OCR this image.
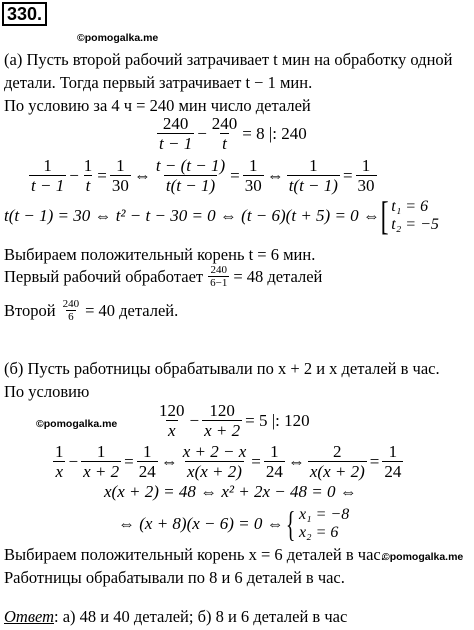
330.
©pomogalka.me
(а) Пусть второй рабочий затрачивает t мин на обработку одной
детали. Тогда первый затрачивает t − 1 мин.
По условию за 4 ч = 240 мин число деталей
$\frac{240}{t - 1} - \frac{240}{t} = 8$ |: 240
$\frac{1}{t - 1} - \frac{1}{t} = \frac{1}{30}$ ⇔ $\frac{t - (t - 1)}{t(t - 1)} = \frac{1}{30}$ ⇔ $\frac{1}{t(t - 1)} = \frac{1}{30}$
t(t − 1) = 30 ⇔ t² − t − 30 = 0 ⇔ (t − 6)(t + 5) = 0 ⇔ [ t₁ = 6
t₂ = −5
Выбираем положительный корень t = 6 мин.
Первый рабочий обработает $\frac{240}{6-1} = 48$ деталей
Второй $\frac{240}{6} = 40$ деталей.
(б) Пусть работницы обрабатывали по x + 2 и x деталей в час.
По условию
©pomogalka.me $\frac{120}{x} - \frac{120}{x + 2} = 5$ |: 120
$\frac{1}{x} - \frac{1}{x + 2} = \frac{1}{24}$ ⇔ $\frac{x + 2 - x}{x(x + 2)} = \frac{1}{24}$ ⇔ $\frac{2}{x(x + 2)} = \frac{1}{24}$
x(x + 2) = 48 ⇔ x² + 2x − 48 = 0 ⇔
⇔ (x + 8)(x − 6) = 0 ⇔ { x₁ = −8
x₂ = 6
Выбираем положительный корень x = 6 деталей в час.
©pomogalka.me
Работницы обрабатывали по 8 и 6 деталей в час.
Ответ: а) 48 и 40 деталей; б) 8 и 6 деталей в час
